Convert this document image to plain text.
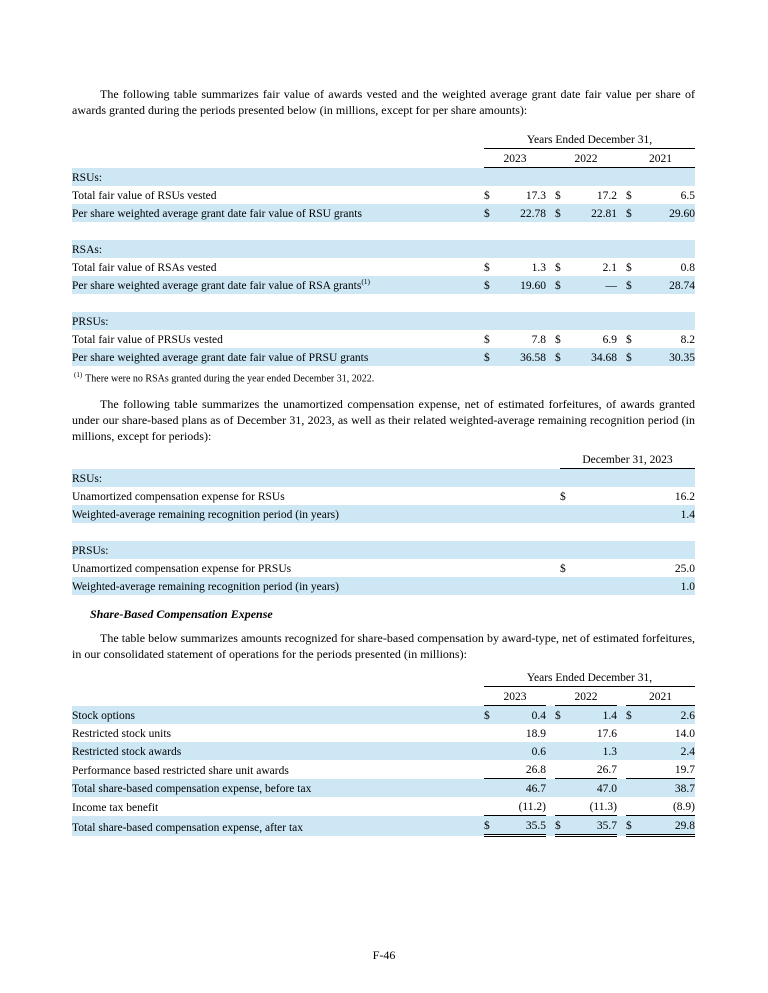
The following table summarizes fair value of awards vested and the weighted average grant date fair value per share of awards granted during the periods presented below (in millions, except for per share amounts):

	Years Ended December 31,							
	2023			2022			2021	
RSUs:								
Total fair value of RSUs vested	$	17.3		$	17.2		$	6.5
Per share weighted average grant date fair value of RSU grants	$	22.78		$	22.81		$	29.60

RSAs:								
Total fair value of RSAs vested	$	1.3		$	2.1		$	0.8
Per share weighted average grant date fair value of RSA grants$^{(1)}$	$	19.60		$	—		$	28.74

PRSUs:								
Total fair value of PRSUs vested	$	7.8		$	6.9		$	8.2
Per share weighted average grant date fair value of PRSU grants	$	36.58		$	34.68		$	30.35
$^{(1)}$ There were no RSAs granted during the year ended December 31, 2022.

The following table summarizes the unamortized compensation expense, net of estimated forfeitures, of awards granted under our share-based plans as of December 31, 2023, as well as their related weighted-average remaining recognition period (in millions, except for periods):

	December 31, 2023	
RSUs:		
Unamortized compensation expense for RSUs	$	16.2
Weighted-average remaining recognition period (in years)		1.4

PRSUs:		
Unamortized compensation expense for PRSUs	$	25.0
Weighted-average remaining recognition period (in years)		1.0
Share-Based Compensation Expense

The table below summarizes amounts recognized for share-based compensation by award-type, net of estimated forfeitures, in our consolidated statement of operations for the periods presented (in millions):

	Years Ended December 31,							
	2023			2022			2021	
Stock options	$	0.4		$	1.4		$	2.6
Restricted stock units		18.9			17.6			14.0
Restricted stock awards		0.6			1.3			2.4
Performance based restricted share unit awards		26.8			26.7			19.7
Total share-based compensation expense, before tax		46.7			47.0			38.7
Income tax benefit		(11.2)			(11.3)			(8.9)
Total share-based compensation expense, after tax	$	35.5		$	35.7		$	29.8
F-46
